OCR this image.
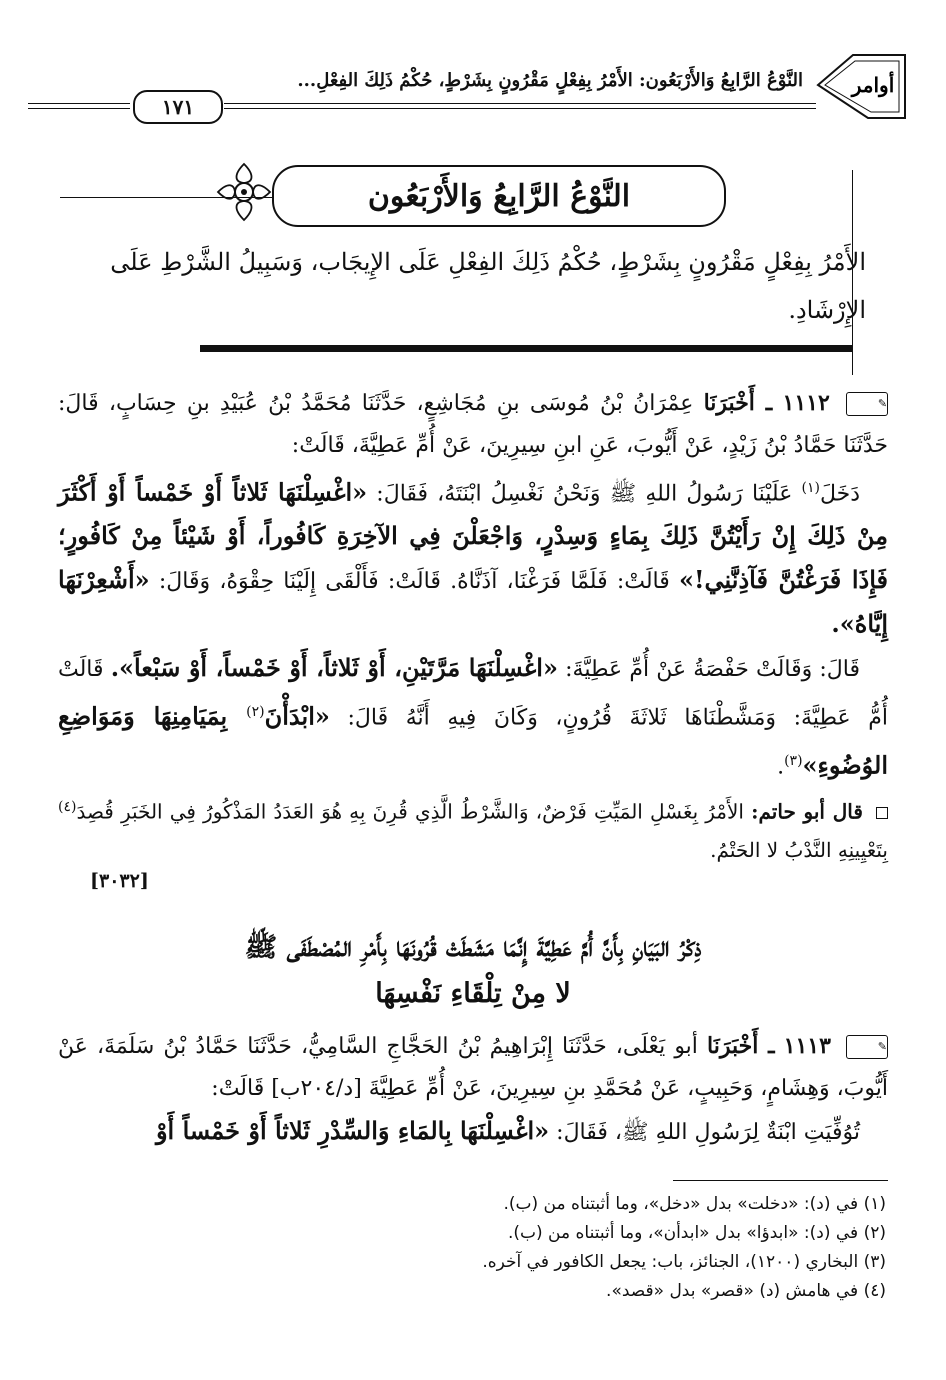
أوامر
النَّوْعُ الرَّابِعُ وَالأَرْبَعُون: الأَمْرُ بِفِعْلٍ مَقْرُونٍ بِشَرْطٍ، حُكْمُ ذَلِكَ الفِعْلِ...
١٧١
النَّوْعُ الرَّابِعُ وَالأَرْبَعُون
الأَمْرُ بِفِعْلٍ مَقْرُونٍ بِشَرْطٍ، حُكْمُ ذَلِكَ الفِعْلِ عَلَى الإِيجَاب، وَسَبِيلُ الشَّرْطِ عَلَى الإِرْشَادِ.

✎ ١١١٢ ـ أَخْبَرَنَا عِمْرَانُ بْنُ مُوسَى بنِ مُجَاشِعٍ، حَدَّثَنَا مُحَمَّدُ بْنُ عُبَيْدِ بنِ حِسَابٍ، قَالَ: حَدَّثَنَا حَمَّادُ بْنُ زَيْدٍ، عَنْ أَيُّوبَ، عَنِ ابنِ سِيرِينَ، عَنْ أُمِّ عَطِيَّةَ، قَالَتْ:

دَخَلَ$^{(١)}$ عَلَيْنَا رَسُولُ اللهِ ﷺ وَنَحْنُ نَغْسِلُ ابْنَتَهُ، فَقَالَ: «اغْسِلْنَهَا ثَلاثاً أَوْ خَمْساً أَوْ أَكْثَرَ مِنْ ذَلِكَ إِنْ رَأَيْتُنَّ ذَلِكَ بِمَاءٍ وَسِدْرٍ، وَاجْعَلْنَ فِي الآخِرَةِ كَافُوراً، أَوْ شَيْئاً مِنْ كَافُورٍ؛ فَإِذَا فَرَغْتُنَّ فَآذِنَّنِي!» قَالَتْ: فَلَمَّا فَرَغْنَا، آذَنَّاهُ. قَالَتْ: فَأَلْقَى إِلَيْنَا حِقْوَهُ، وَقَالَ: «أَشْعِرْنَهَا إِيَّاهُ».

قَالَ: وَقَالَتْ حَفْصَةُ عَنْ أُمِّ عَطِيَّةَ: «اغْسِلْنَهَا مَرَّتَيْنِ، أَوْ ثَلاثاً، أَوْ خَمْساً، أَوْ سَبْعاً». قَالَتْ أُمُّ عَطِيَّةَ: وَمَشَّطْنَاهَا ثَلاثَةَ قُرُونٍ، وَكَانَ فِيهِ أَنَّهُ قَالَ: «ابْدَأْنَ$^{(٢)}$ بِمَيَامِنِهَا وَمَوَاضِعِ الوُضُوءِ»$^{(٣)}$.

قال أبو حاتم: الأَمْرُ بِغَسْلِ المَيِّتِ فَرْضٌ، وَالشَّرْطُ الَّذِي قُرِنَ بِهِ هُوَ العَدَدُ المَذْكُورُ فِي الخَبَرِ قُصِدَ$^{(٤)}$ بِتَعْيِينِهِ النَّدْبُ لا الحَتْمُ.

[٣٠٣٢]
ذِكْرُ البَيَانِ بِأَنَّ أُمَّ عَطِيَّةَ إِنَّمَا مَشَطَتْ قُرُونَهَا بِأَمْرِ المُصْطَفَى ﷺ
لا مِنْ تِلْقَاءِ نَفْسِهَا

✎ ١١١٣ ـ أَخْبَرَنَا أبو يَعْلَى، حَدَّثَنَا إِبْرَاهِيمُ بْنُ الحَجَّاجِ السَّامِيُّ، حَدَّثَنَا حَمَّادُ بْنُ سَلَمَةَ، عَنْ أَيُّوبَ، وَهِشَامٍ، وَحَبِيبٍ، عَنْ مُحَمَّدِ بنِ سِيرِينَ، عَنْ أُمِّ عَطِيَّةَ [د/٢٠٤ب] قَالَتْ:

تُوُفِّيَتِ ابْنَةٌ لِرَسُولِ اللهِ ﷺ، فَقَالَ: «اغْسِلْنَهَا بِالمَاءِ وَالسِّدْرِ ثَلاثاً أَوْ خَمْساً أَوْ

(١) في (د): «دخلت» بدل «دخل»، وما أثبتناه من (ب).
(٢) في (د): «ابدؤا» بدل «ابدأن»، وما أثبتناه من (ب).
(٣) البخاري (١٢٠٠)، الجنائز، باب: يجعل الكافور في آخره.
(٤) في هامش (د) «قصر» بدل «قصد».
